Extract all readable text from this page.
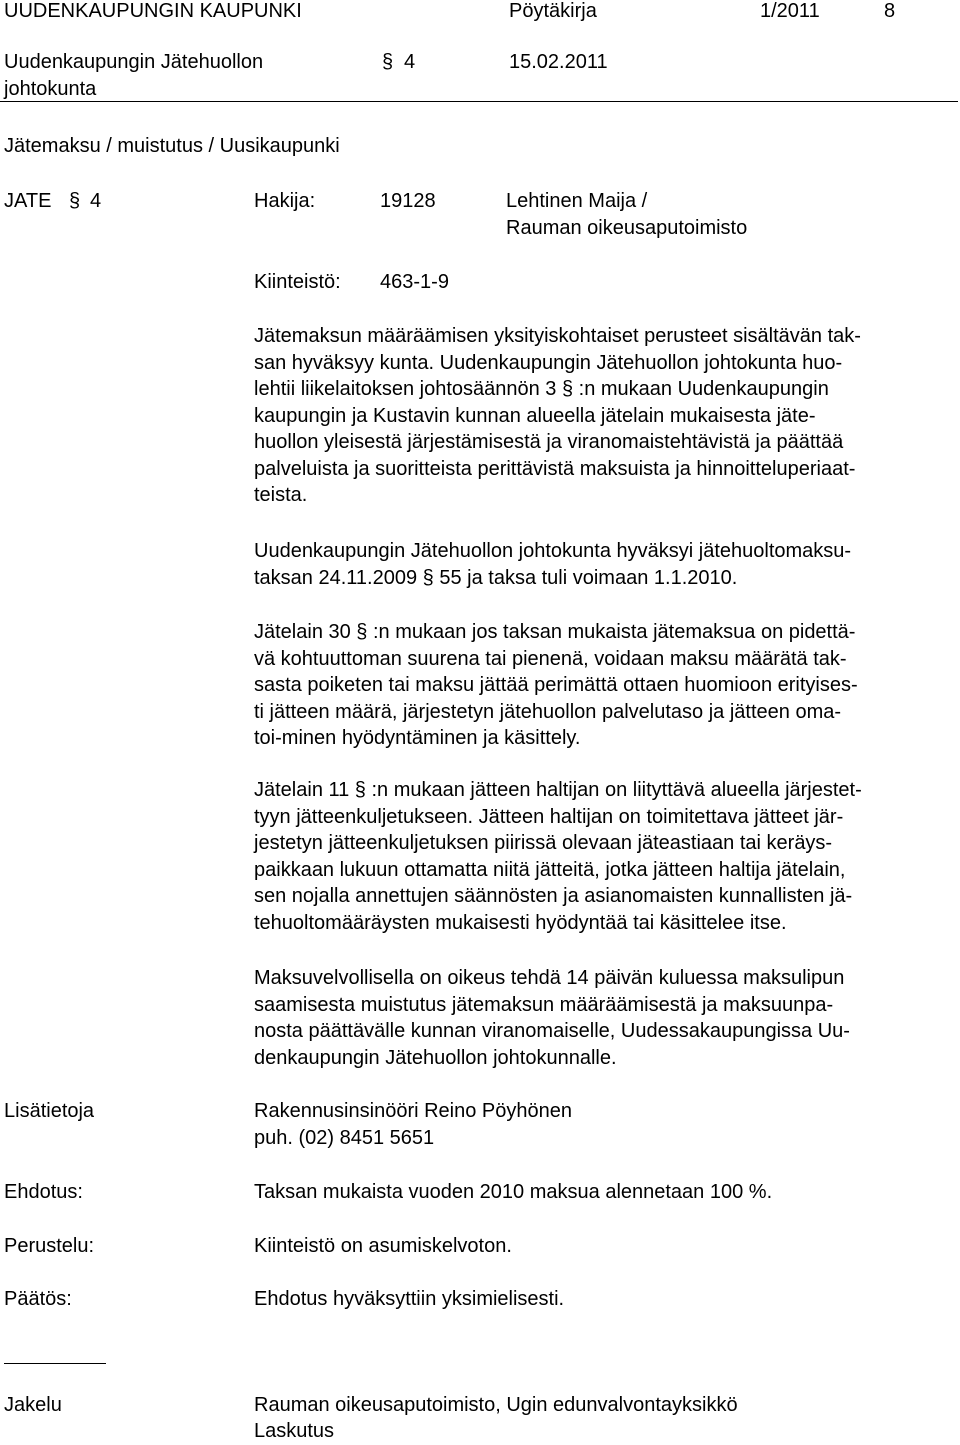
UUDENKAUPUNGIN KAUPUNKI	Pöytäkirja	1/2011	8
Uudenkaupungin Jätehuollon
johtokunta
§ 4	15.02.2011
Jätemaksu / muistutus / Uusikaupunki
JATE § 4	Hakija:	19128	Lehtinen Maija /
Rauman oikeusaputoimisto
Kiinteistö: 463-1-9
Jätemaksun määräämisen yksityiskohtaiset perusteet sisältävän tak-
san hyväksyy kunta. Uudenkaupungin Jätehuollon johtokunta huo-
lehtii liikelaitoksen johtosäännön 3 § :n mukaan Uudenkaupungin
kaupungin ja Kustavin kunnan alueella jätelain mukaisesta jäte-
huollon yleisestä järjestämisestä ja viranomaistehtävistä ja päättää
palveluista ja suoritteista perittävistä maksuista ja hinnoitteluperiaat-
teista.
Uudenkaupungin Jätehuollon johtokunta hyväksyi jätehuoltomaksu-
taksan 24.11.2009 § 55 ja taksa tuli voimaan 1.1.2010.
Jätelain 30 § :n mukaan jos taksan mukaista jätemaksua on pidettä-
vä kohtuuttoman suurena tai pienenä, voidaan maksu määrätä tak-
sasta poiketen tai maksu jättää perimättä ottaen huomioon erityises-
ti jätteen määrä, järjestetyn jätehuollon palvelutaso ja jätteen oma-
toi-minen hyödyntäminen ja käsittely.
Jätelain 11 § :n mukaan jätteen haltijan on liityttävä alueella järjestet-
tyyn jätteenkuljetukseen. Jätteen haltijan on toimitettava jätteet jär-
jestetyn jätteenkuljetuksen piirissä olevaan jäteastiaan tai keräys-
paikkaan lukuun ottamatta niitä jätteitä, jotka jätteen haltija jätelain,
sen nojalla annettujen säännösten ja asianomaisten kunnallisten jä-
tehuoltomääräysten mukaisesti hyödyntää tai käsittelee itse.
Maksuvelvollisella on oikeus tehdä 14 päivän kuluessa maksulipun
saamisesta muistutus jätemaksun määräämisestä ja maksuunpa-
nosta päättävälle kunnan viranomaiselle, Uudessakaupungissa Uu-
denkaupungin Jätehuollon johtokunnalle.
Lisätietoja	Rakennusinsinööri Reino Pöyhönen
puh. (02) 8451 5651
Ehdotus:	Taksan mukaista vuoden 2010 maksua alennetaan 100 %.
Perustelu:	Kiinteistö on asumiskelvoton.
Päätös:	Ehdotus hyväksyttiin yksimielisesti.
Jakelu	Rauman oikeusaputoimisto, Ugin edunvalvontayksikkö
Laskutus
